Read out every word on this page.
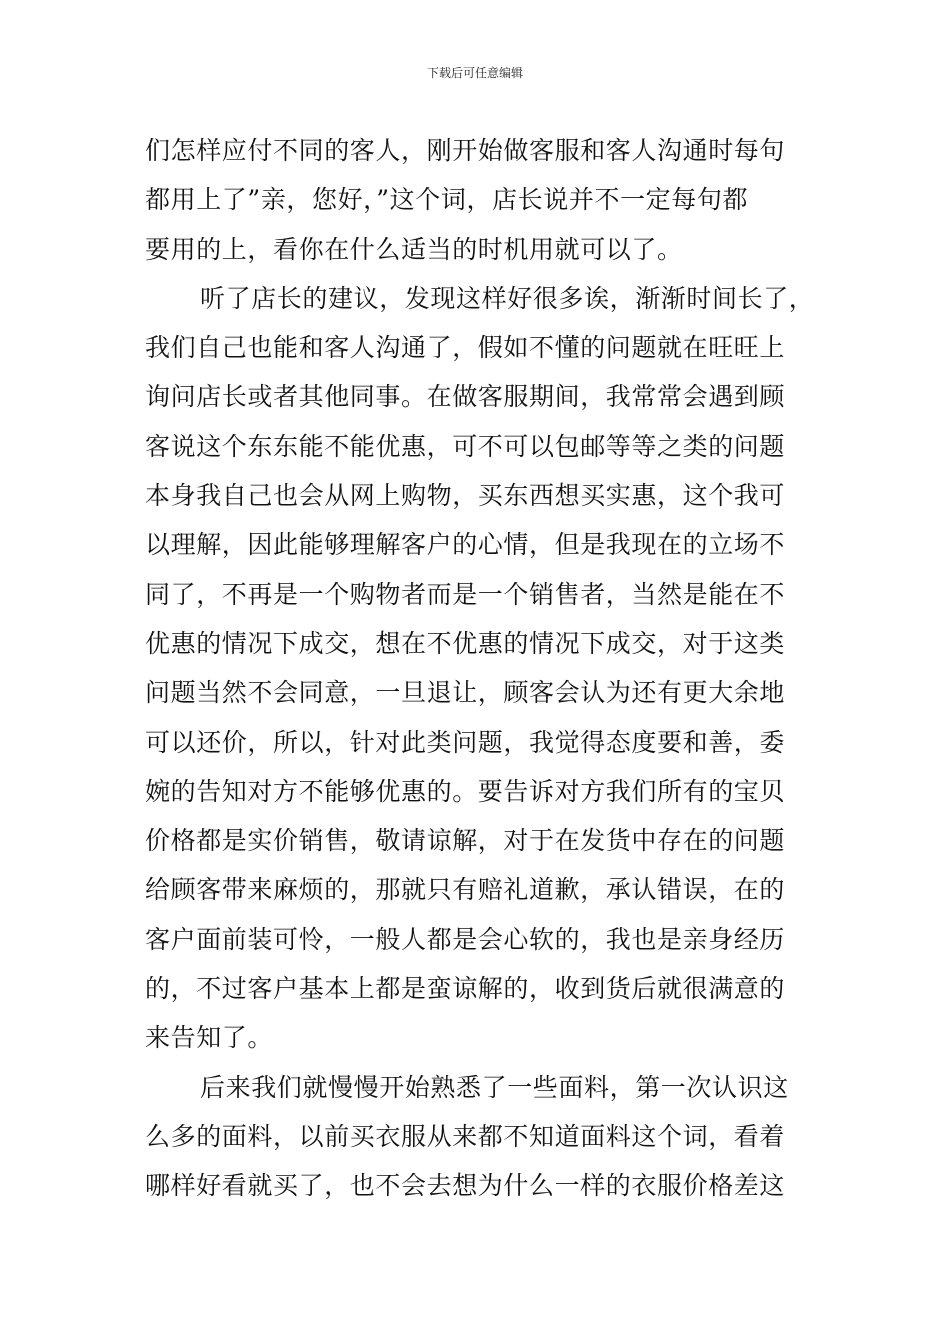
下载后可任意编辑
们怎样应付不同的客人，刚开始做客服和客人沟通时每句
都用上了”亲，您好，”这个词，店长说并不一定每句都
要用的上，看你在什么适当的时机用就可以了。
听了店长的建议，发现这样好很多诶，渐渐时间长了，
我们自己也能和客人沟通了，假如不懂的问题就在旺旺上
询问店长或者其他同事。在做客服期间，我常常会遇到顾
客说这个东东能不能优惠，可不可以包邮等等之类的问题
本身我自己也会从网上购物，买东西想买实惠，这个我可
以理解，因此能够理解客户的心情，但是我现在的立场不
同了，不再是一个购物者而是一个销售者，当然是能在不
优惠的情况下成交，想在不优惠的情况下成交，对于这类
问题当然不会同意，一旦退让，顾客会认为还有更大余地
可以还价，所以，针对此类问题，我觉得态度要和善，委
婉的告知对方不能够优惠的。要告诉对方我们所有的宝贝
价格都是实价销售，敬请谅解，对于在发货中存在的问题
给顾客带来麻烦的，那就只有赔礼道歉，承认错误，在的
客户面前装可怜，一般人都是会心软的，我也是亲身经历
的，不过客户基本上都是蛮谅解的，收到货后就很满意的
来告知了。
后来我们就慢慢开始熟悉了一些面料，第一次认识这
么多的面料，以前买衣服从来都不知道面料这个词，看着
哪样好看就买了，也不会去想为什么一样的衣服价格差这
